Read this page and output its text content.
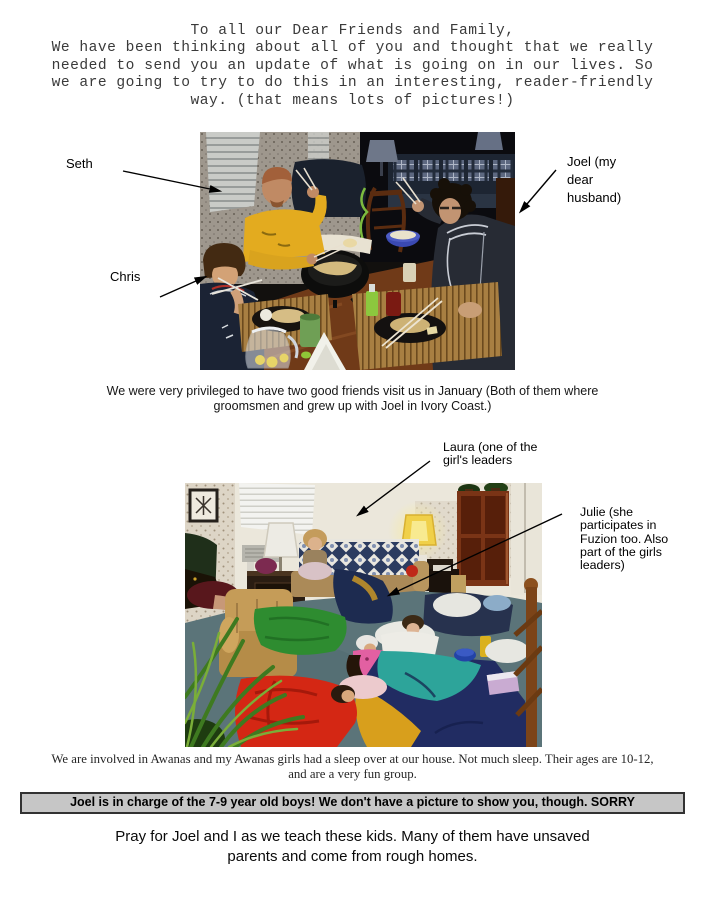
To all our Dear Friends and Family,
We have been thinking about all of you and thought that we really
needed to send you an update of what is going on in our lives. So
we are going to try to do this in an interesting, reader-friendly
way. (that means lots of pictures!)
Seth
Chris
Joel (my
dear
husband)
We were very privileged to have two good friends visit us in January (Both of them where
groomsmen and grew up with Joel in Ivory Coast.)
Laura (one of the
girl's leaders
Julie (she
participates in
Fuzion too. Also
part of the girls
leaders)
We are involved in Awanas and my Awanas girls had a sleep over at our house. Not much sleep. Their ages are 10-12,
and are a very fun group.
Joel is in charge of the 7-9 year old boys! We don't have a picture to show you, though. SORRY
Pray for Joel and I as we teach these kids. Many of them have unsaved
parents and come from rough homes.
